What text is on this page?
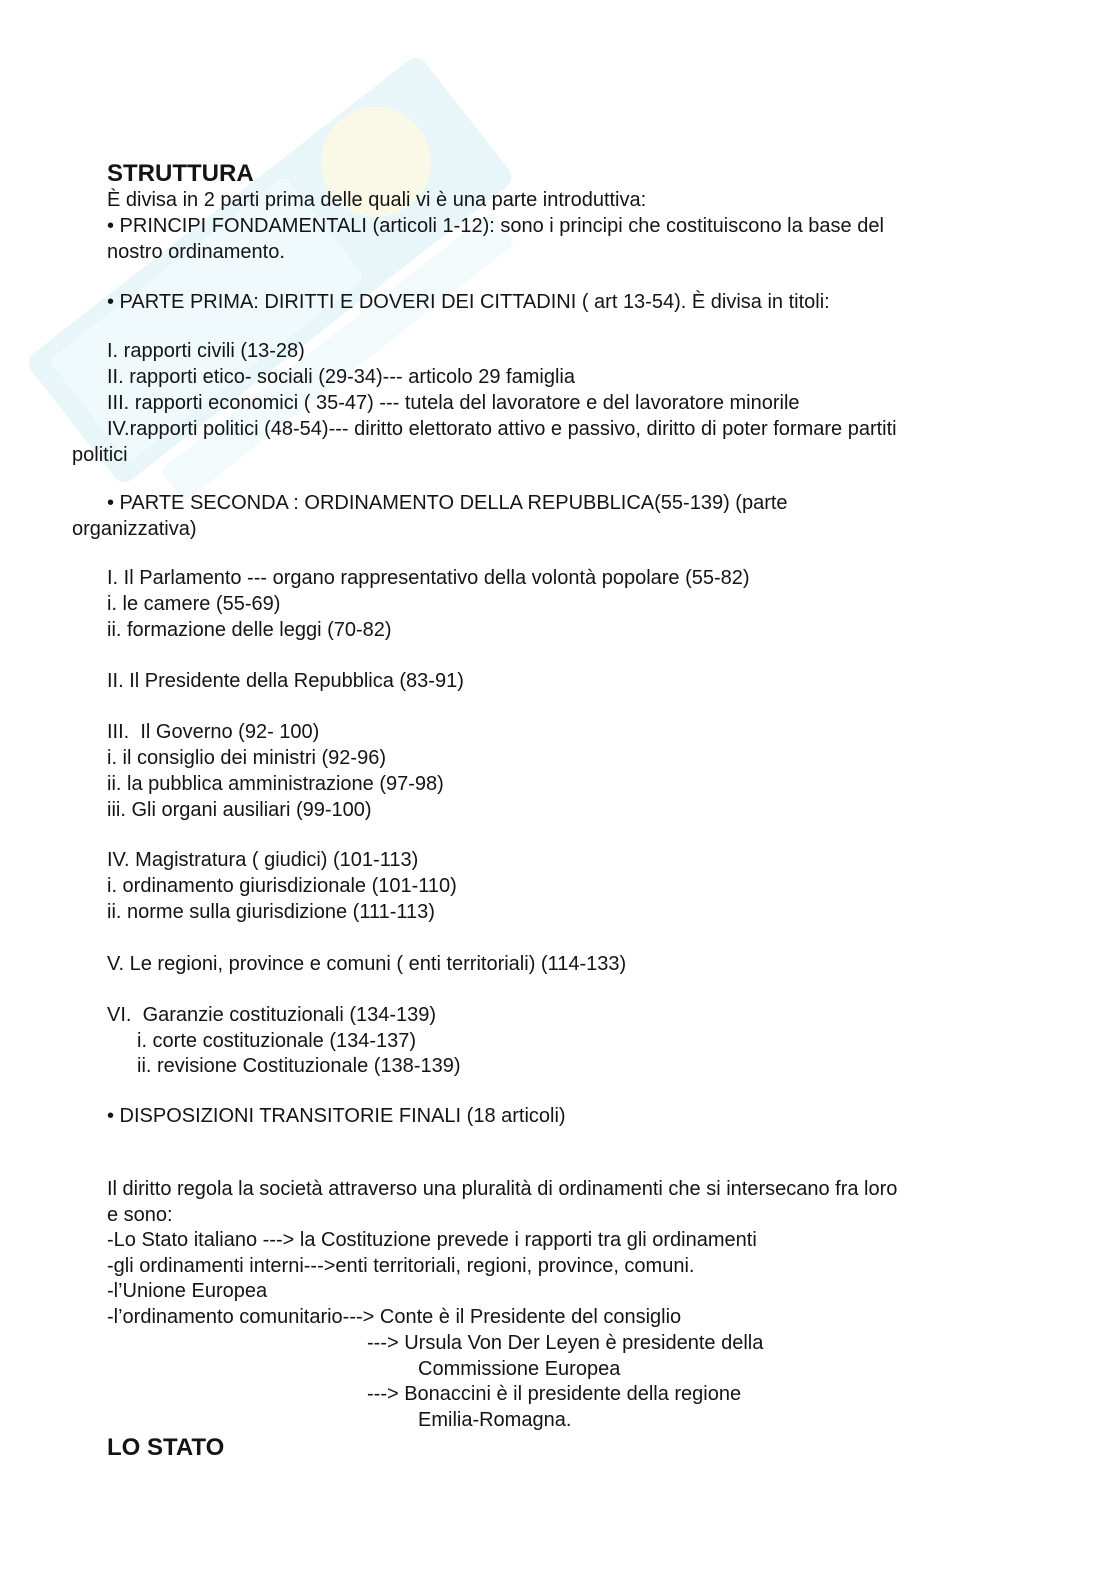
STRUTTURA
È divisa in 2 parti prima delle quali vi è una parte introduttiva:
• PRINCIPI FONDAMENTALI (articoli 1-12): sono i principi che costituiscono la base del
nostro ordinamento.
• PARTE PRIMA: DIRITTI E DOVERI DEI CITTADINI ( art 13-54). È divisa in titoli:
I. rapporti civili (13-28)
II. rapporti etico- sociali (29-34)--- articolo 29 famiglia
III. rapporti economici ( 35-47) --- tutela del lavoratore e del lavoratore minorile
IV.rapporti politici (48-54)--- diritto elettorato attivo e passivo, diritto di poter formare partiti
politici
• PARTE SECONDA : ORDINAMENTO DELLA REPUBBLICA(55-139) (parte
organizzativa)
I. Il Parlamento --- organo rappresentativo della volontà popolare (55-82)
i. le camere (55-69)
ii. formazione delle leggi (70-82)
II. Il Presidente della Repubblica (83-91)
III.  Il Governo (92- 100)
i. il consiglio dei ministri (92-96)
ii. la pubblica amministrazione (97-98)
iii. Gli organi ausiliari (99-100)
IV. Magistratura ( giudici) (101-113)
i. ordinamento giurisdizionale (101-110)
ii. norme sulla giurisdizione (111-113)
V. Le regioni, province e comuni ( enti territoriali) (114-133)
VI.  Garanzie costituzionali (134-139)
i. corte costituzionale (134-137)
ii. revisione Costituzionale (138-139)
• DISPOSIZIONI TRANSITORIE FINALI (18 articoli)
Il diritto regola la società attraverso una pluralità di ordinamenti che si intersecano fra loro
e sono:
-Lo Stato italiano ---> la Costituzione prevede i rapporti tra gli ordinamenti
-gli ordinamenti interni--->enti territoriali, regioni, province, comuni.
-l’Unione Europea
-l’ordinamento comunitario---> Conte è il Presidente del consiglio
---> Ursula Von Der Leyen è presidente della
Commissione Europea
---> Bonaccini è il presidente della regione
Emilia-Romagna.
LO STATO
